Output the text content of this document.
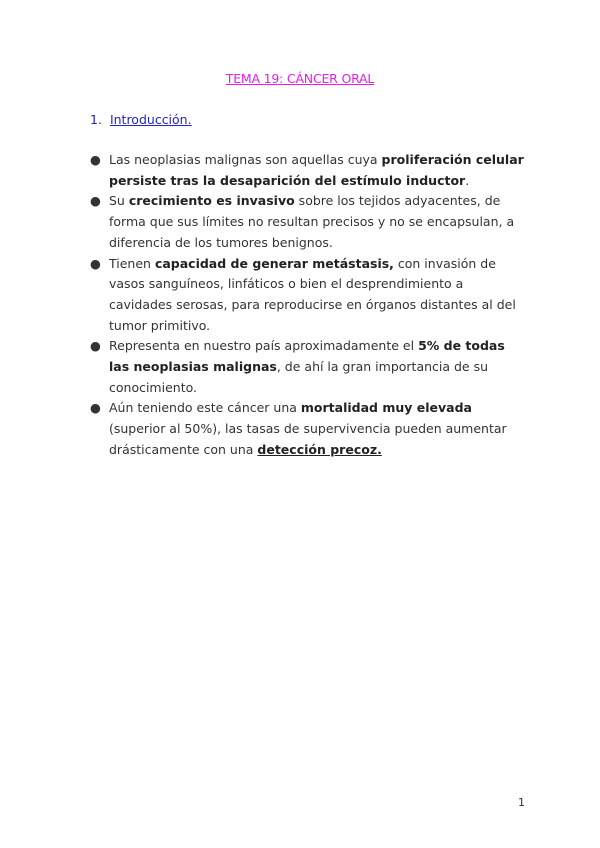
TEMA 19: CÁNCER ORAL
1. Introducción.
● Las neoplasias malignas son aquellas cuya proliferación celular persiste tras la desaparición del estímulo inductor.
● Su crecimiento es invasivo sobre los tejidos adyacentes, de forma que sus límites no resultan precisos y no se encapsulan, a diferencia de los tumores benignos.
● Tienen capacidad de generar metástasis, con invasión de vasos sanguíneos, linfáticos o bien el desprendimiento a cavidades serosas, para reproducirse en órganos distantes al del tumor primitivo.
● Representa en nuestro país aproximadamente el 5% de todas las neoplasias malignas, de ahí la gran importancia de su conocimiento.
● Aún teniendo este cáncer una mortalidad muy elevada (superior al 50%), las tasas de supervivencia pueden aumentar drásticamente con una detección precoz.
1
